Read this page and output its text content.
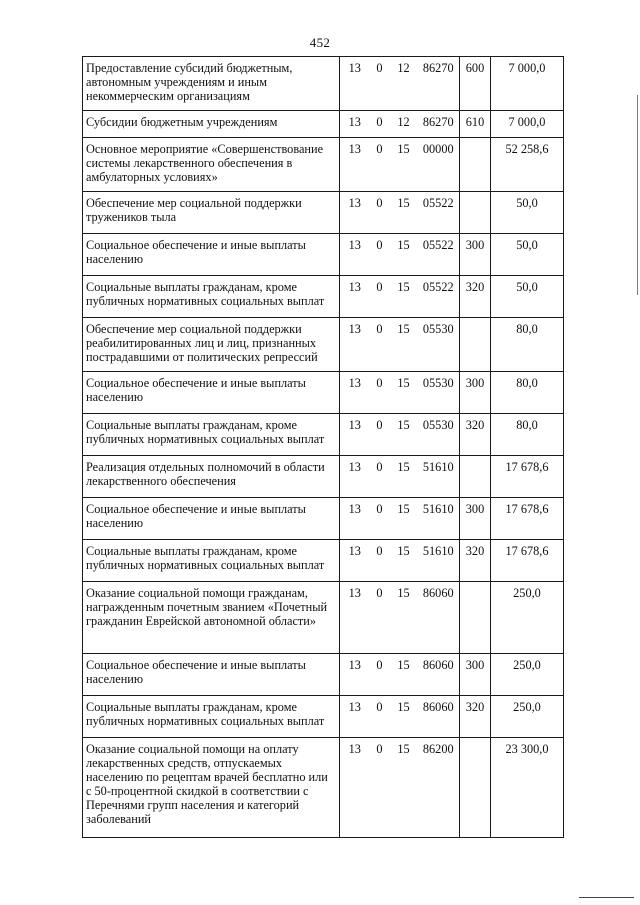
452
Предоставление субсидий бюджетным, автономным учреждениям и иным некоммерческим организациям	13	0	12	86270	600	7 000,0
Субсидии бюджетным учреждениям	13	0	12	86270	610	7 000,0
Основное мероприятие «Совершенствование системы лекарственного обеспечения в амбулаторных условиях»	13	0	15	00000		52 258,6
Обеспечение мер социальной поддержки тружеников тыла	13	0	15	05522		50,0
Социальное обеспечение и иные выплаты населению	13	0	15	05522	300	50,0
Социальные выплаты гражданам, кроме публичных нормативных социальных выплат	13	0	15	05522	320	50,0
Обеспечение мер социальной поддержки реабилитированных лиц и лиц, признанных пострадавшими от политических репрессий	13	0	15	05530		80,0
Социальное обеспечение и иные выплаты населению	13	0	15	05530	300	80,0
Социальные выплаты гражданам, кроме публичных нормативных социальных выплат	13	0	15	05530	320	80,0
Реализация отдельных полномочий в области лекарственного обеспечения	13	0	15	51610		17 678,6
Социальное обеспечение и иные выплаты населению	13	0	15	51610	300	17 678,6
Социальные выплаты гражданам, кроме публичных нормативных социальных выплат	13	0	15	51610	320	17 678,6
Оказание социальной помощи гражданам, награжденным почетным званием «Почетный гражданин Еврейской автономной области»	13	0	15	86060		250,0
Социальное обеспечение и иные выплаты населению	13	0	15	86060	300	250,0
Социальные выплаты гражданам, кроме публичных нормативных социальных выплат	13	0	15	86060	320	250,0
Оказание социальной помощи на оплату лекарственных средств, отпускаемых населению по рецептам врачей бесплатно или с 50-процентной скидкой в соответствии с Перечнями групп населения и категорий заболеваний	13	0	15	86200		23 300,0
